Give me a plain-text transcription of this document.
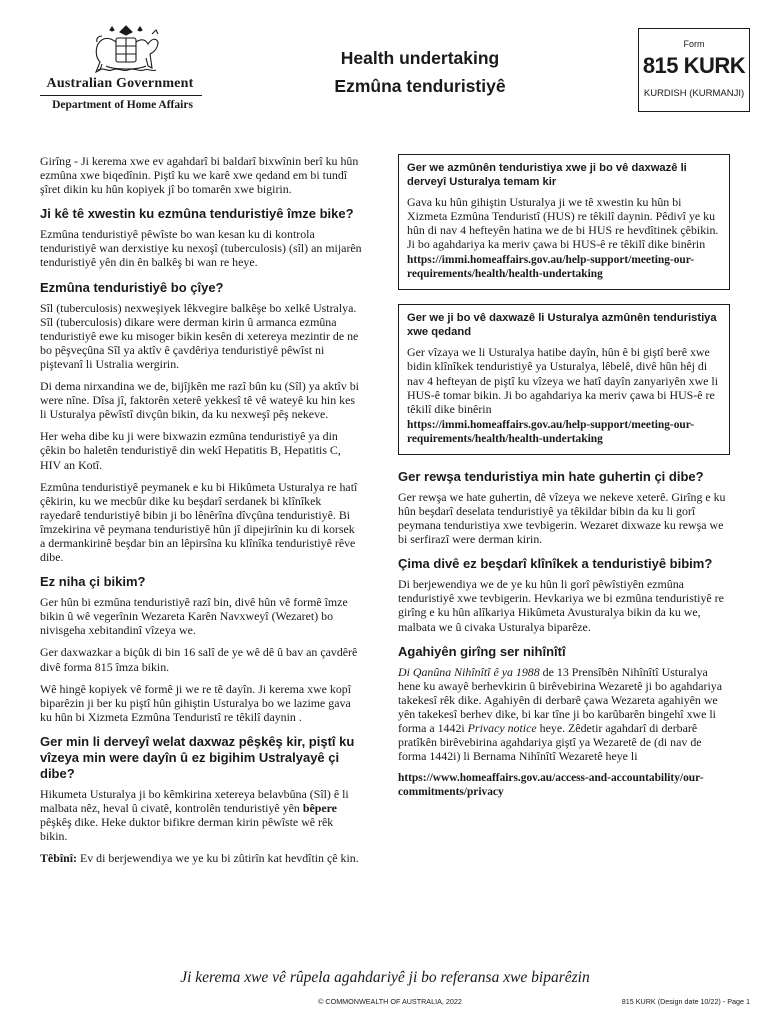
Australian Government
Department of Home Affairs
Health undertaking
Ezmûna tenduristiyê
Form
815 KURK
KURDISH (KURMANJI)

Girîng - Ji kerema xwe ev agahdarî bi baldarî bixwînin berî ku hûn ezmûna xwe biqedînin. Piştî ku we karê xwe qedand em bi tundî şîret dikin ku hûn kopiyek jî bo tomarên xwe bigirin.

Ji kê tê xwestin ku ezmûna tenduristiyê îmze bike?

Ezmûna tenduristiyê pêwîste bo wan kesan ku di kontrola tenduristiyê wan derxistiye ku nexoşî (tuberculosis) (sîl) an mijarên tenduristiyê yên din ên balkêş bi wan re heye.

Ezmûna tenduristiyê bo çîye?

Sîl (tuberculosis) nexweşiyek lêkvegire balkêşe bo xelkê Ustralya. Sîl (tuberculosis) dikare were derman kirin û armanca ezmûna tenduristiyê ewe ku misoger bikin kesên di xetereya mezintir de ne bo pêşveçûna Sîl ya aktîv ê çavdêriya tenduristiyê pêwîst ni piştevanî li Ustralia wergirin.

Di dema nirxandina we de, bijîjkên me razî bûn ku (Sîl) ya aktîv bi were nîne. Dîsa jî, faktorên xeterê yekkesî tê vê wateyê ku hin kes li Usturalya pêwîstî divçûn bikin, da ku nexweşî pêş nekeve.

Her weha dibe ku ji were bixwazin ezmûna tenduristiyê ya din çêkin bo haletên tenduristiyê din wekî Hepatitis B, Hepatitis C, HIV an Kotî.

Ezmûna tenduristiyê peymanek e ku bi Hikûmeta Usturalya re hatî çêkirin, ku we mecbûr dike ku beşdarî serdanek bi klînîkek rayedarê tenduristiyê bibin ji bo lênêrîna dîvçûna tenduristiyê. Bi îmzekirina vê peymana tenduristiyê hûn jî dipejirînin ku di korsek a dermankirinê beşdar bin an lêpirsîna ku klînîka tenduristiyê rêve dibe.

Ez niha çi bikim?

Ger hûn bi ezmûna tenduristiyê razî bin, divê hûn vê formê îmze bikin û wê vegerînin Wezareta Karên Navxweyî (Wezaret) bo nivisgeha xebitandinî vîzeya we.

Ger daxwazkar a biçûk di bin 16 salî de ye wê dê û bav an çavdêrê divê forma 815 îmza bikin.

Wê hingê kopiyek vê formê ji we re tê dayîn. Ji kerema xwe kopî biparêzin ji ber ku piştî hûn gihiştin Usturalya bo we lazime gava ku hûn bi Xizmeta Ezmûna Tenduristî re têkilî daynin .

Ger min li derveyî welat daxwaz pêşkêş kir, piştî ku vîzeya min were dayîn û ez bigihim Ustralyayê çi dibe?

Hikumeta Usturalya ji bo kêmkirina xetereya belavbûna (Sîl) ê li malbata nêz, heval û civatê, kontrolên tenduristiyê yên bêpere pêşkêş dike. Heke duktor bifikre derman kirin pêwîste wê rêk bikin.

Têbînî: Ev di berjewendiya we ye ku bi zûtirîn kat hevdîtin çê kin.

Ger we azmûnên tenduristiya xwe ji bo vê daxwazê li derveyî Usturalya temam kir

Gava ku hûn gihiştin Usturalya ji we tê xwestin ku hûn bi Xizmeta Ezmûna Tenduristî (HUS) re têkilî daynin. Pêdivî ye ku hûn di nav 4 hefteyên hatina we de bi HUS re hevdîtinek çêbikin. Ji bo agahdariya ka meriv çawa bi HUS-ê re têkilî dike binêrin

https://immi.homeaffairs.gov.au/help-support/meeting-our-requirements/health/health-undertaking

Ger we ji bo vê daxwazê li Usturalya azmûnên tenduristiya xwe qedand

Ger vîzaya we li Usturalya hatibe dayîn, hûn ê bi giştî berê xwe bidin klînîkek tenduristiyê ya Usturalya, lêbelê, divê hûn hêj di nav 4 hefteyan de piştî ku vîzeya we hatî dayîn zanyariyên xwe li HUS-ê tomar bikin. Ji bo agahdariya ka meriv çawa bi HUS-ê re têkilî dike binêrin

https://immi.homeaffairs.gov.au/help-support/meeting-our-requirements/health/health-undertaking

Ger rewşa tenduristiya min hate guhertin çi dibe?

Ger rewşa we hate guhertin, dê vîzeya we nekeve xeterê. Girîng e ku hûn beşdarî deselata tenduristiyê ya têkildar bibin da ku li gorî peymana tenduristiya xwe tevbigerin. Wezaret dixwaze ku rewşa we bi serfirazî were derman kirin.

Çima divê ez beşdarî klînîkek a tenduristiyê bibim?

Di berjewendiya we de ye ku hûn li gorî pêwîstiyên ezmûna tenduristiyê xwe tevbigerin. Hevkariya we bi ezmûna tenduristiyê re girîng e ku hûn alîkariya Hikûmeta Avusturalya bikin da ku we, malbata we û civaka Usturalya biparêze.

Agahiyên girîng ser nihînîtî

Di Qanûna Nihînîtî ê ya 1988 de 13 Prensîbên Nihînîtî Usturalya hene ku awayê berhevkirin û birêvebirina Wezaretê ji bo agahdariya takekesî rêk dike. Agahiyên di derbarê çawa Wezareta agahiyên we yên takekesî berhev dike, bi kar tîne ji bo karûbarên bingehî xwe li forma a 1442i Privacy notice heye. Zêdetir agahdarî di derbarê pratîkên birêvebirina agahdariya giştî ya Wezaretê de (di nav de forma 1442i) li Bernama Nihînîtî Wezaretê heye li

https://www.homeaffairs.gov.au/access-and-accountability/our-commitments/privacy

Ji kerema xwe vê rûpela agahdariyê ji bo referansa xwe biparêzin
© COMMONWEALTH OF AUSTRALIA, 2022	815 KURK (Design date 10/22) - Page 1
